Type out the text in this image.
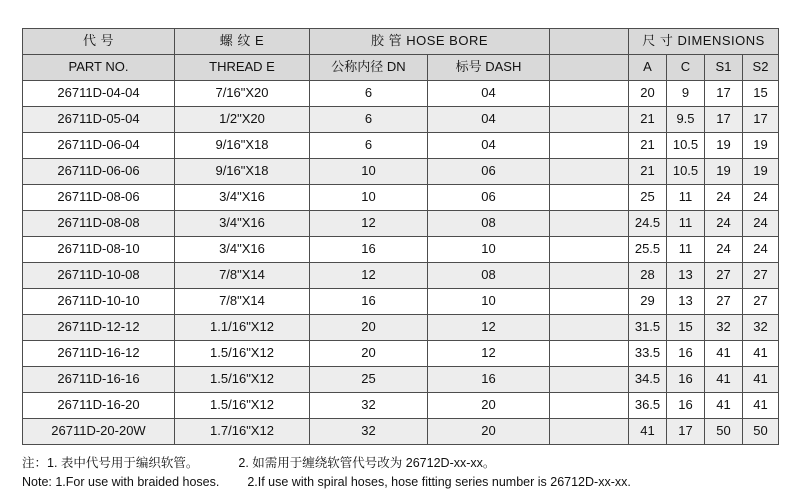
代 号	螺 纹 E	胶 管 HOSE BORE			尺 寸 DIMENSIONS			
PART NO.	THREAD E	公称内径 DN	标号 DASH		A	C	S1	S2
26711D-04-04	7/16"X20	6	04		20	9	17	15
26711D-05-04	1/2"X20	6	04		21	9.5	17	17
26711D-06-04	9/16"X18	6	04		21	10.5	19	19
26711D-06-06	9/16"X18	10	06		21	10.5	19	19
26711D-08-06	3/4"X16	10	06		25	11	24	24
26711D-08-08	3/4"X16	12	08		24.5	11	24	24
26711D-08-10	3/4"X16	16	10		25.5	11	24	24
26711D-10-08	7/8"X14	12	08		28	13	27	27
26711D-10-10	7/8"X14	16	10		29	13	27	27
26711D-12-12	1.1/16"X12	20	12		31.5	15	32	32
26711D-16-12	1.5/16"X12	20	12		33.5	16	41	41
26711D-16-16	1.5/16"X12	25	16		34.5	16	41	41
26711D-16-20	1.5/16"X12	32	20		36.5	16	41	41
26711D-20-20W	1.7/16"X12	32	20		41	17	50	50
注：1. 表中代号用于编织软管。	2. 如需用于缠绕软管代号改为 26712D-xx-xx。
Note: 1.For use with braided hoses. 2.If use with spiral hoses, hose fitting series number is 26712D-xx-xx.
